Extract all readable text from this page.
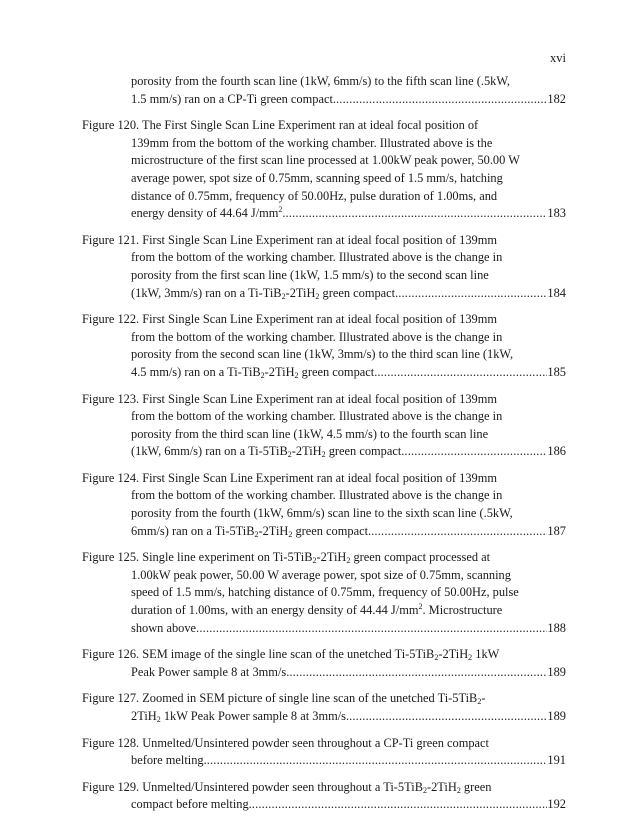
xvi
porosity from the fourth scan line (1kW, 6mm/s) to the fifth scan line (.5kW,
1.5 mm/s) ran on a CP-Ti green compact. .....	182
Figure 120. The First Single Scan Line Experiment ran at ideal focal position of
139mm from the bottom of the working chamber. Illustrated above is the
microstructure of the first scan line processed at 1.00kW peak power, 50.00 W
average power, spot size of 0.75mm, scanning speed of 1.5 mm/s, hatching
distance of 0.75mm, frequency of 50.00Hz, pulse duration of 1.00ms, and
energy density of 44.64 $J/mm^2$. .....	183
Figure 121. First Single Scan Line Experiment ran at ideal focal position of 139mm
from the bottom of the working chamber. Illustrated above is the change in
porosity from the first scan line (1kW, 1.5 mm/s) to the second scan line
(1kW, 3mm/s) ran on a Ti-TiB$_2$-2TiH$_2$ green compact. .....	184
Figure 122. First Single Scan Line Experiment ran at ideal focal position of 139mm
from the bottom of the working chamber. Illustrated above is the change in
porosity from the second scan line (1kW, 3mm/s) to the third scan line (1kW,
4.5 mm/s) ran on a Ti-TiB$_2$-2TiH$_2$ green compact. .....	185
Figure 123. First Single Scan Line Experiment ran at ideal focal position of 139mm
from the bottom of the working chamber. Illustrated above is the change in
porosity from the third scan line (1kW, 4.5 mm/s) to the fourth scan line
(1kW, 6mm/s) ran on a Ti-5TiB$_2$-2TiH$_2$ green compact. .....	186
Figure 124. First Single Scan Line Experiment ran at ideal focal position of 139mm
from the bottom of the working chamber. Illustrated above is the change in
porosity from the fourth (1kW, 6mm/s) scan line to the sixth scan line (.5kW,
6mm/s) ran on a Ti-5TiB$_2$-2TiH$_2$ green compact. .....	187
Figure 125. Single line experiment on Ti-5TiB$_2$-2TiH$_2$ green compact processed at
1.00kW peak power, 50.00 W average power, spot size of 0.75mm, scanning
speed of 1.5 mm/s, hatching distance of 0.75mm, frequency of 50.00Hz, pulse
duration of 1.00ms, with an energy density of 44.44 $J/mm^2$. Microstructure
shown above .....	188
Figure 126. SEM image of the single line scan of the unetched Ti-5TiB$_2$-2TiH$_2$ 1kW
Peak Power sample 8 at 3mm/s. .....	189
Figure 127. Zoomed in SEM picture of single line scan of the unetched Ti-5TiB$_2$-
2TiH$_2$ 1kW Peak Power sample 8 at 3mm/s. .....	189
Figure 128. Unmelted/Unsintered powder seen throughout a CP-Ti green compact
before melting. .....	191
Figure 129. Unmelted/Unsintered powder seen throughout a Ti-5TiB$_2$-2TiH$_2$ green
compact before melting. .....	192
